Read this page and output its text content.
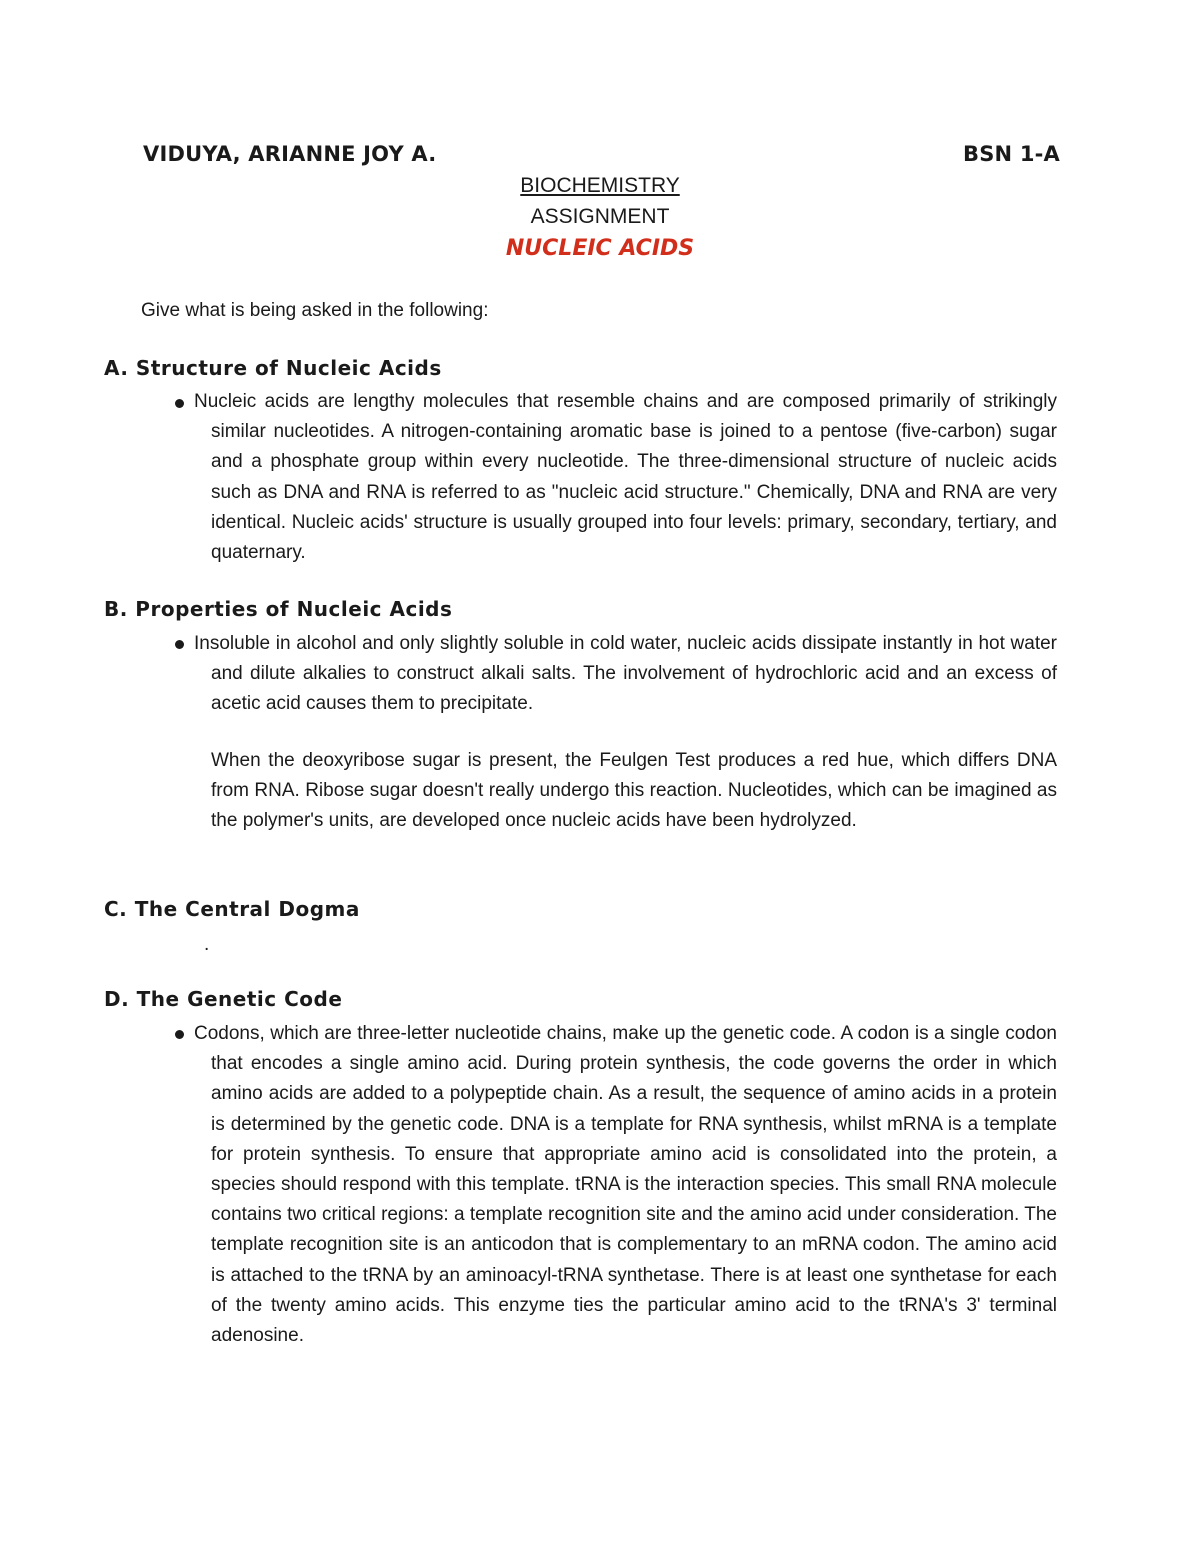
VIDUYA, ARIANNE JOY A.	BSN 1-A
BIOCHEMISTRY
ASSIGNMENT
NUCLEIC ACIDS
Give what is being asked in the following:
A. Structure of Nucleic Acids
Nucleic acids are lengthy molecules that resemble chains and are composed primarily of strikingly similar nucleotides. A nitrogen-containing aromatic base is joined to a pentose (five-carbon) sugar and a phosphate group within every nucleotide. The three-dimensional structure of nucleic acids such as DNA and RNA is referred to as "nucleic acid structure." Chemically, DNA and RNA are very identical. Nucleic acids' structure is usually grouped into four levels: primary, secondary, tertiary, and quaternary.
B. Properties of Nucleic Acids
Insoluble in alcohol and only slightly soluble in cold water, nucleic acids dissipate instantly in hot water and dilute alkalies to construct alkali salts. The involvement of hydrochloric acid and an excess of acetic acid causes them to precipitate.
When the deoxyribose sugar is present, the Feulgen Test produces a red hue, which differs DNA from RNA. Ribose sugar doesn't really undergo this reaction. Nucleotides, which can be imagined as the polymer's units, are developed once nucleic acids have been hydrolyzed.
C. The Central Dogma
.
D. The Genetic Code
Codons, which are three-letter nucleotide chains, make up the genetic code. A codon is a single codon that encodes a single amino acid. During protein synthesis, the code governs the order in which amino acids are added to a polypeptide chain. As a result, the sequence of amino acids in a protein is determined by the genetic code. DNA is a template for RNA synthesis, whilst mRNA is a template for protein synthesis. To ensure that appropriate amino acid is consolidated into the protein, a species should respond with this template. tRNA is the interaction species. This small RNA molecule contains two critical regions: a template recognition site and the amino acid under consideration. The template recognition site is an anticodon that is complementary to an mRNA codon. The amino acid is attached to the tRNA by an aminoacyl-tRNA synthetase. There is at least one synthetase for each of the twenty amino acids. This enzyme ties the particular amino acid to the tRNA's 3' terminal adenosine.
